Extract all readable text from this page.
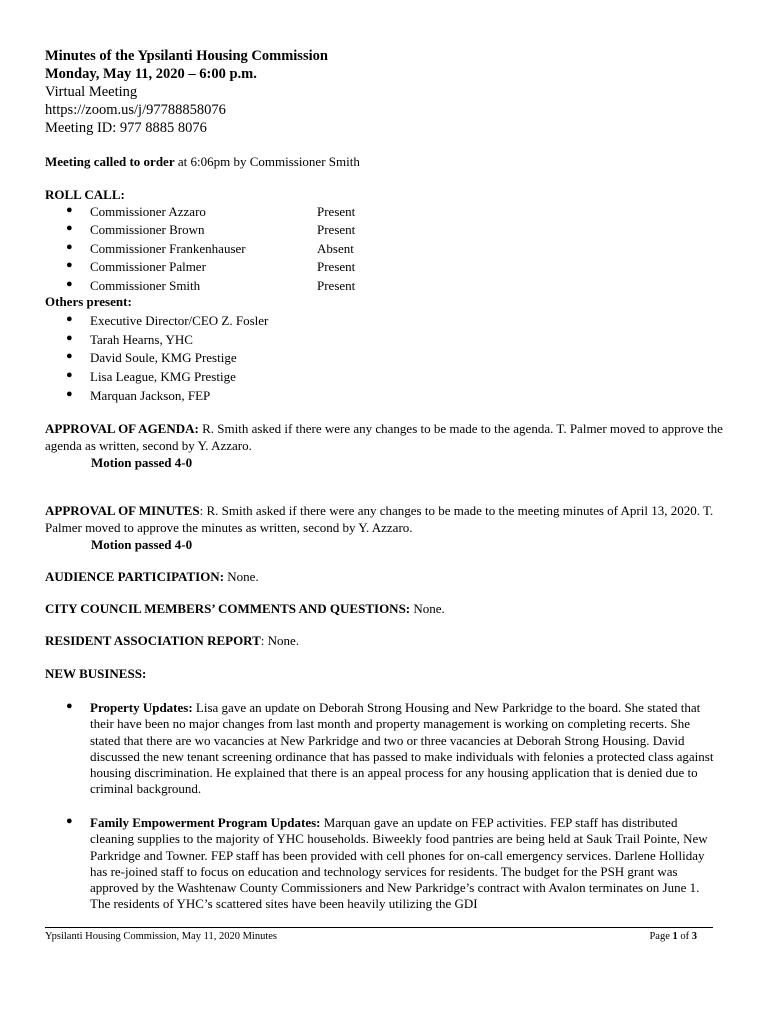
Minutes of the Ypsilanti Housing Commission
Monday, May 11, 2020 – 6:00 p.m.
Virtual Meeting
https://zoom.us/j/97788858076
Meeting ID: 977 8885 8076
Meeting called to order at 6:06pm by Commissioner Smith
ROLL CALL:
● Commissioner Azzaro	Present
● Commissioner Brown	Present
● Commissioner Frankenhauser	Absent
● Commissioner Palmer	Present
● Commissioner Smith	Present
Others present:
● Executive Director/CEO Z. Fosler
● Tarah Hearns, YHC
● David Soule, KMG Prestige
● Lisa League, KMG Prestige
● Marquan Jackson, FEP
APPROVAL OF AGENDA: R. Smith asked if there were any changes to be made to the agenda. T. Palmer moved to approve the agenda as written, second by Y. Azzaro.
Motion passed 4-0
APPROVAL OF MINUTES: R. Smith asked if there were any changes to be made to the meeting minutes of April 13, 2020. T. Palmer moved to approve the minutes as written, second by Y. Azzaro.
Motion passed 4-0
AUDIENCE PARTICIPATION: None.
CITY COUNCIL MEMBERS’ COMMENTS AND QUESTIONS: None.
RESIDENT ASSOCIATION REPORT: None.
NEW BUSINESS:
● Property Updates: Lisa gave an update on Deborah Strong Housing and New Parkridge to the board. She stated that their have been no major changes from last month and property management is working on completing recerts. She stated that there are wo vacancies at New Parkridge and two or three vacancies at Deborah Strong Housing. David discussed the new tenant screening ordinance that has passed to make individuals with felonies a protected class against housing discrimination. He explained that there is an appeal process for any housing application that is denied due to criminal background.
● Family Empowerment Program Updates: Marquan gave an update on FEP activities. FEP staff has distributed cleaning supplies to the majority of YHC households. Biweekly food pantries are being held at Sauk Trail Pointe, New Parkridge and Towner. FEP staff has been provided with cell phones for on-call emergency services. Darlene Holliday has re-joined staff to focus on education and technology services for residents. The budget for the PSH grant was approved by the Washtenaw County Commissioners and New Parkridge’s contract with Avalon terminates on June 1. The residents of YHC’s scattered sites have been heavily utilizing the GDI
Ypsilanti Housing Commission, May 11, 2020 Minutes	Page 1 of 3
